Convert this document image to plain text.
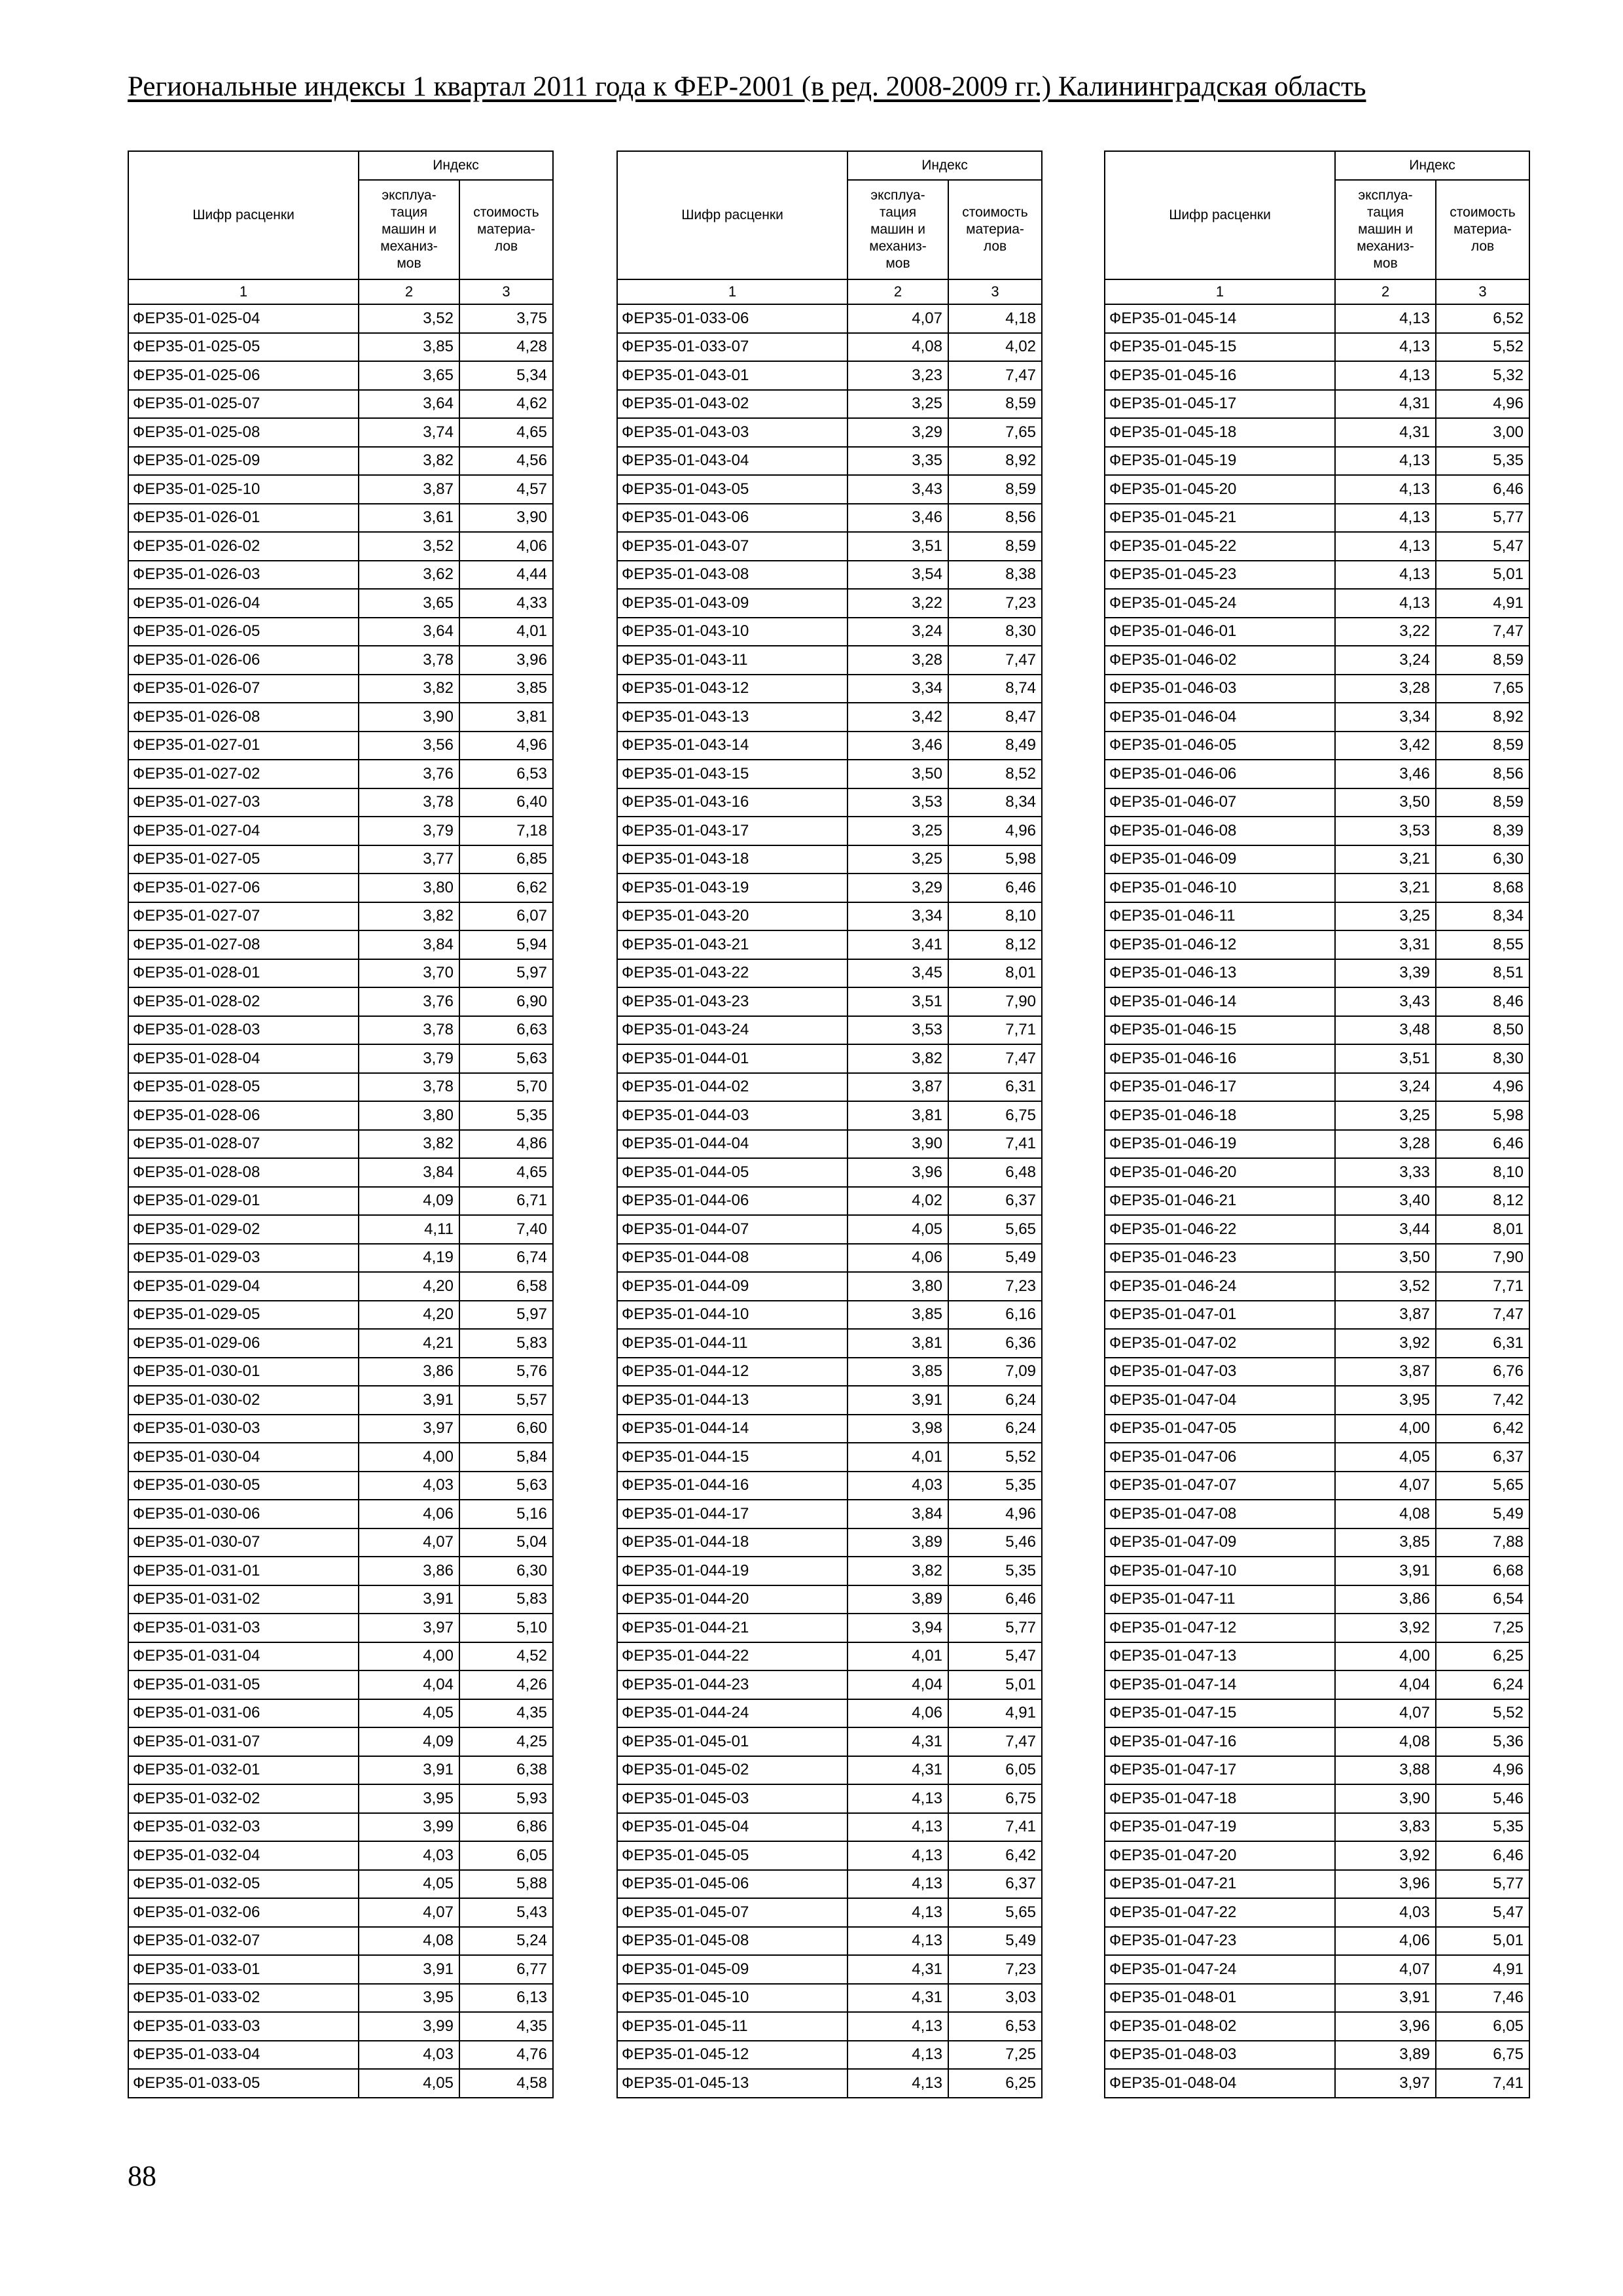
Региональные индексы 1 квартал 2011 года к ФЕР-2001 (в ред. 2008-2009 гг.) Калининградская область
Шифр расценки	Индекс	
	эксплуа-
тация
машин и
механиз-
мов	стоимость
материа-
лов
1	2	3
ФЕР35-01-025-04	3,52	3,75
ФЕР35-01-025-05	3,85	4,28
ФЕР35-01-025-06	3,65	5,34
ФЕР35-01-025-07	3,64	4,62
ФЕР35-01-025-08	3,74	4,65
ФЕР35-01-025-09	3,82	4,56
ФЕР35-01-025-10	3,87	4,57
ФЕР35-01-026-01	3,61	3,90
ФЕР35-01-026-02	3,52	4,06
ФЕР35-01-026-03	3,62	4,44
ФЕР35-01-026-04	3,65	4,33
ФЕР35-01-026-05	3,64	4,01
ФЕР35-01-026-06	3,78	3,96
ФЕР35-01-026-07	3,82	3,85
ФЕР35-01-026-08	3,90	3,81
ФЕР35-01-027-01	3,56	4,96
ФЕР35-01-027-02	3,76	6,53
ФЕР35-01-027-03	3,78	6,40
ФЕР35-01-027-04	3,79	7,18
ФЕР35-01-027-05	3,77	6,85
ФЕР35-01-027-06	3,80	6,62
ФЕР35-01-027-07	3,82	6,07
ФЕР35-01-027-08	3,84	5,94
ФЕР35-01-028-01	3,70	5,97
ФЕР35-01-028-02	3,76	6,90
ФЕР35-01-028-03	3,78	6,63
ФЕР35-01-028-04	3,79	5,63
ФЕР35-01-028-05	3,78	5,70
ФЕР35-01-028-06	3,80	5,35
ФЕР35-01-028-07	3,82	4,86
ФЕР35-01-028-08	3,84	4,65
ФЕР35-01-029-01	4,09	6,71
ФЕР35-01-029-02	4,11	7,40
ФЕР35-01-029-03	4,19	6,74
ФЕР35-01-029-04	4,20	6,58
ФЕР35-01-029-05	4,20	5,97
ФЕР35-01-029-06	4,21	5,83
ФЕР35-01-030-01	3,86	5,76
ФЕР35-01-030-02	3,91	5,57
ФЕР35-01-030-03	3,97	6,60
ФЕР35-01-030-04	4,00	5,84
ФЕР35-01-030-05	4,03	5,63
ФЕР35-01-030-06	4,06	5,16
ФЕР35-01-030-07	4,07	5,04
ФЕР35-01-031-01	3,86	6,30
ФЕР35-01-031-02	3,91	5,83
ФЕР35-01-031-03	3,97	5,10
ФЕР35-01-031-04	4,00	4,52
ФЕР35-01-031-05	4,04	4,26
ФЕР35-01-031-06	4,05	4,35
ФЕР35-01-031-07	4,09	4,25
ФЕР35-01-032-01	3,91	6,38
ФЕР35-01-032-02	3,95	5,93
ФЕР35-01-032-03	3,99	6,86
ФЕР35-01-032-04	4,03	6,05
ФЕР35-01-032-05	4,05	5,88
ФЕР35-01-032-06	4,07	5,43
ФЕР35-01-032-07	4,08	5,24
ФЕР35-01-033-01	3,91	6,77
ФЕР35-01-033-02	3,95	6,13
ФЕР35-01-033-03	3,99	4,35
ФЕР35-01-033-04	4,03	4,76
ФЕР35-01-033-05	4,05	4,58
Шифр расценки	Индекс	
	эксплуа-
тация
машин и
механиз-
мов	стоимость
материа-
лов
1	2	3
ФЕР35-01-033-06	4,07	4,18
ФЕР35-01-033-07	4,08	4,02
ФЕР35-01-043-01	3,23	7,47
ФЕР35-01-043-02	3,25	8,59
ФЕР35-01-043-03	3,29	7,65
ФЕР35-01-043-04	3,35	8,92
ФЕР35-01-043-05	3,43	8,59
ФЕР35-01-043-06	3,46	8,56
ФЕР35-01-043-07	3,51	8,59
ФЕР35-01-043-08	3,54	8,38
ФЕР35-01-043-09	3,22	7,23
ФЕР35-01-043-10	3,24	8,30
ФЕР35-01-043-11	3,28	7,47
ФЕР35-01-043-12	3,34	8,74
ФЕР35-01-043-13	3,42	8,47
ФЕР35-01-043-14	3,46	8,49
ФЕР35-01-043-15	3,50	8,52
ФЕР35-01-043-16	3,53	8,34
ФЕР35-01-043-17	3,25	4,96
ФЕР35-01-043-18	3,25	5,98
ФЕР35-01-043-19	3,29	6,46
ФЕР35-01-043-20	3,34	8,10
ФЕР35-01-043-21	3,41	8,12
ФЕР35-01-043-22	3,45	8,01
ФЕР35-01-043-23	3,51	7,90
ФЕР35-01-043-24	3,53	7,71
ФЕР35-01-044-01	3,82	7,47
ФЕР35-01-044-02	3,87	6,31
ФЕР35-01-044-03	3,81	6,75
ФЕР35-01-044-04	3,90	7,41
ФЕР35-01-044-05	3,96	6,48
ФЕР35-01-044-06	4,02	6,37
ФЕР35-01-044-07	4,05	5,65
ФЕР35-01-044-08	4,06	5,49
ФЕР35-01-044-09	3,80	7,23
ФЕР35-01-044-10	3,85	6,16
ФЕР35-01-044-11	3,81	6,36
ФЕР35-01-044-12	3,85	7,09
ФЕР35-01-044-13	3,91	6,24
ФЕР35-01-044-14	3,98	6,24
ФЕР35-01-044-15	4,01	5,52
ФЕР35-01-044-16	4,03	5,35
ФЕР35-01-044-17	3,84	4,96
ФЕР35-01-044-18	3,89	5,46
ФЕР35-01-044-19	3,82	5,35
ФЕР35-01-044-20	3,89	6,46
ФЕР35-01-044-21	3,94	5,77
ФЕР35-01-044-22	4,01	5,47
ФЕР35-01-044-23	4,04	5,01
ФЕР35-01-044-24	4,06	4,91
ФЕР35-01-045-01	4,31	7,47
ФЕР35-01-045-02	4,31	6,05
ФЕР35-01-045-03	4,13	6,75
ФЕР35-01-045-04	4,13	7,41
ФЕР35-01-045-05	4,13	6,42
ФЕР35-01-045-06	4,13	6,37
ФЕР35-01-045-07	4,13	5,65
ФЕР35-01-045-08	4,13	5,49
ФЕР35-01-045-09	4,31	7,23
ФЕР35-01-045-10	4,31	3,03
ФЕР35-01-045-11	4,13	6,53
ФЕР35-01-045-12	4,13	7,25
ФЕР35-01-045-13	4,13	6,25
Шифр расценки	Индекс	
	эксплуа-
тация
машин и
механиз-
мов	стоимость
материа-
лов
1	2	3
ФЕР35-01-045-14	4,13	6,52
ФЕР35-01-045-15	4,13	5,52
ФЕР35-01-045-16	4,13	5,32
ФЕР35-01-045-17	4,31	4,96
ФЕР35-01-045-18	4,31	3,00
ФЕР35-01-045-19	4,13	5,35
ФЕР35-01-045-20	4,13	6,46
ФЕР35-01-045-21	4,13	5,77
ФЕР35-01-045-22	4,13	5,47
ФЕР35-01-045-23	4,13	5,01
ФЕР35-01-045-24	4,13	4,91
ФЕР35-01-046-01	3,22	7,47
ФЕР35-01-046-02	3,24	8,59
ФЕР35-01-046-03	3,28	7,65
ФЕР35-01-046-04	3,34	8,92
ФЕР35-01-046-05	3,42	8,59
ФЕР35-01-046-06	3,46	8,56
ФЕР35-01-046-07	3,50	8,59
ФЕР35-01-046-08	3,53	8,39
ФЕР35-01-046-09	3,21	6,30
ФЕР35-01-046-10	3,21	8,68
ФЕР35-01-046-11	3,25	8,34
ФЕР35-01-046-12	3,31	8,55
ФЕР35-01-046-13	3,39	8,51
ФЕР35-01-046-14	3,43	8,46
ФЕР35-01-046-15	3,48	8,50
ФЕР35-01-046-16	3,51	8,30
ФЕР35-01-046-17	3,24	4,96
ФЕР35-01-046-18	3,25	5,98
ФЕР35-01-046-19	3,28	6,46
ФЕР35-01-046-20	3,33	8,10
ФЕР35-01-046-21	3,40	8,12
ФЕР35-01-046-22	3,44	8,01
ФЕР35-01-046-23	3,50	7,90
ФЕР35-01-046-24	3,52	7,71
ФЕР35-01-047-01	3,87	7,47
ФЕР35-01-047-02	3,92	6,31
ФЕР35-01-047-03	3,87	6,76
ФЕР35-01-047-04	3,95	7,42
ФЕР35-01-047-05	4,00	6,42
ФЕР35-01-047-06	4,05	6,37
ФЕР35-01-047-07	4,07	5,65
ФЕР35-01-047-08	4,08	5,49
ФЕР35-01-047-09	3,85	7,88
ФЕР35-01-047-10	3,91	6,68
ФЕР35-01-047-11	3,86	6,54
ФЕР35-01-047-12	3,92	7,25
ФЕР35-01-047-13	4,00	6,25
ФЕР35-01-047-14	4,04	6,24
ФЕР35-01-047-15	4,07	5,52
ФЕР35-01-047-16	4,08	5,36
ФЕР35-01-047-17	3,88	4,96
ФЕР35-01-047-18	3,90	5,46
ФЕР35-01-047-19	3,83	5,35
ФЕР35-01-047-20	3,92	6,46
ФЕР35-01-047-21	3,96	5,77
ФЕР35-01-047-22	4,03	5,47
ФЕР35-01-047-23	4,06	5,01
ФЕР35-01-047-24	4,07	4,91
ФЕР35-01-048-01	3,91	7,46
ФЕР35-01-048-02	3,96	6,05
ФЕР35-01-048-03	3,89	6,75
ФЕР35-01-048-04	3,97	7,41

88
